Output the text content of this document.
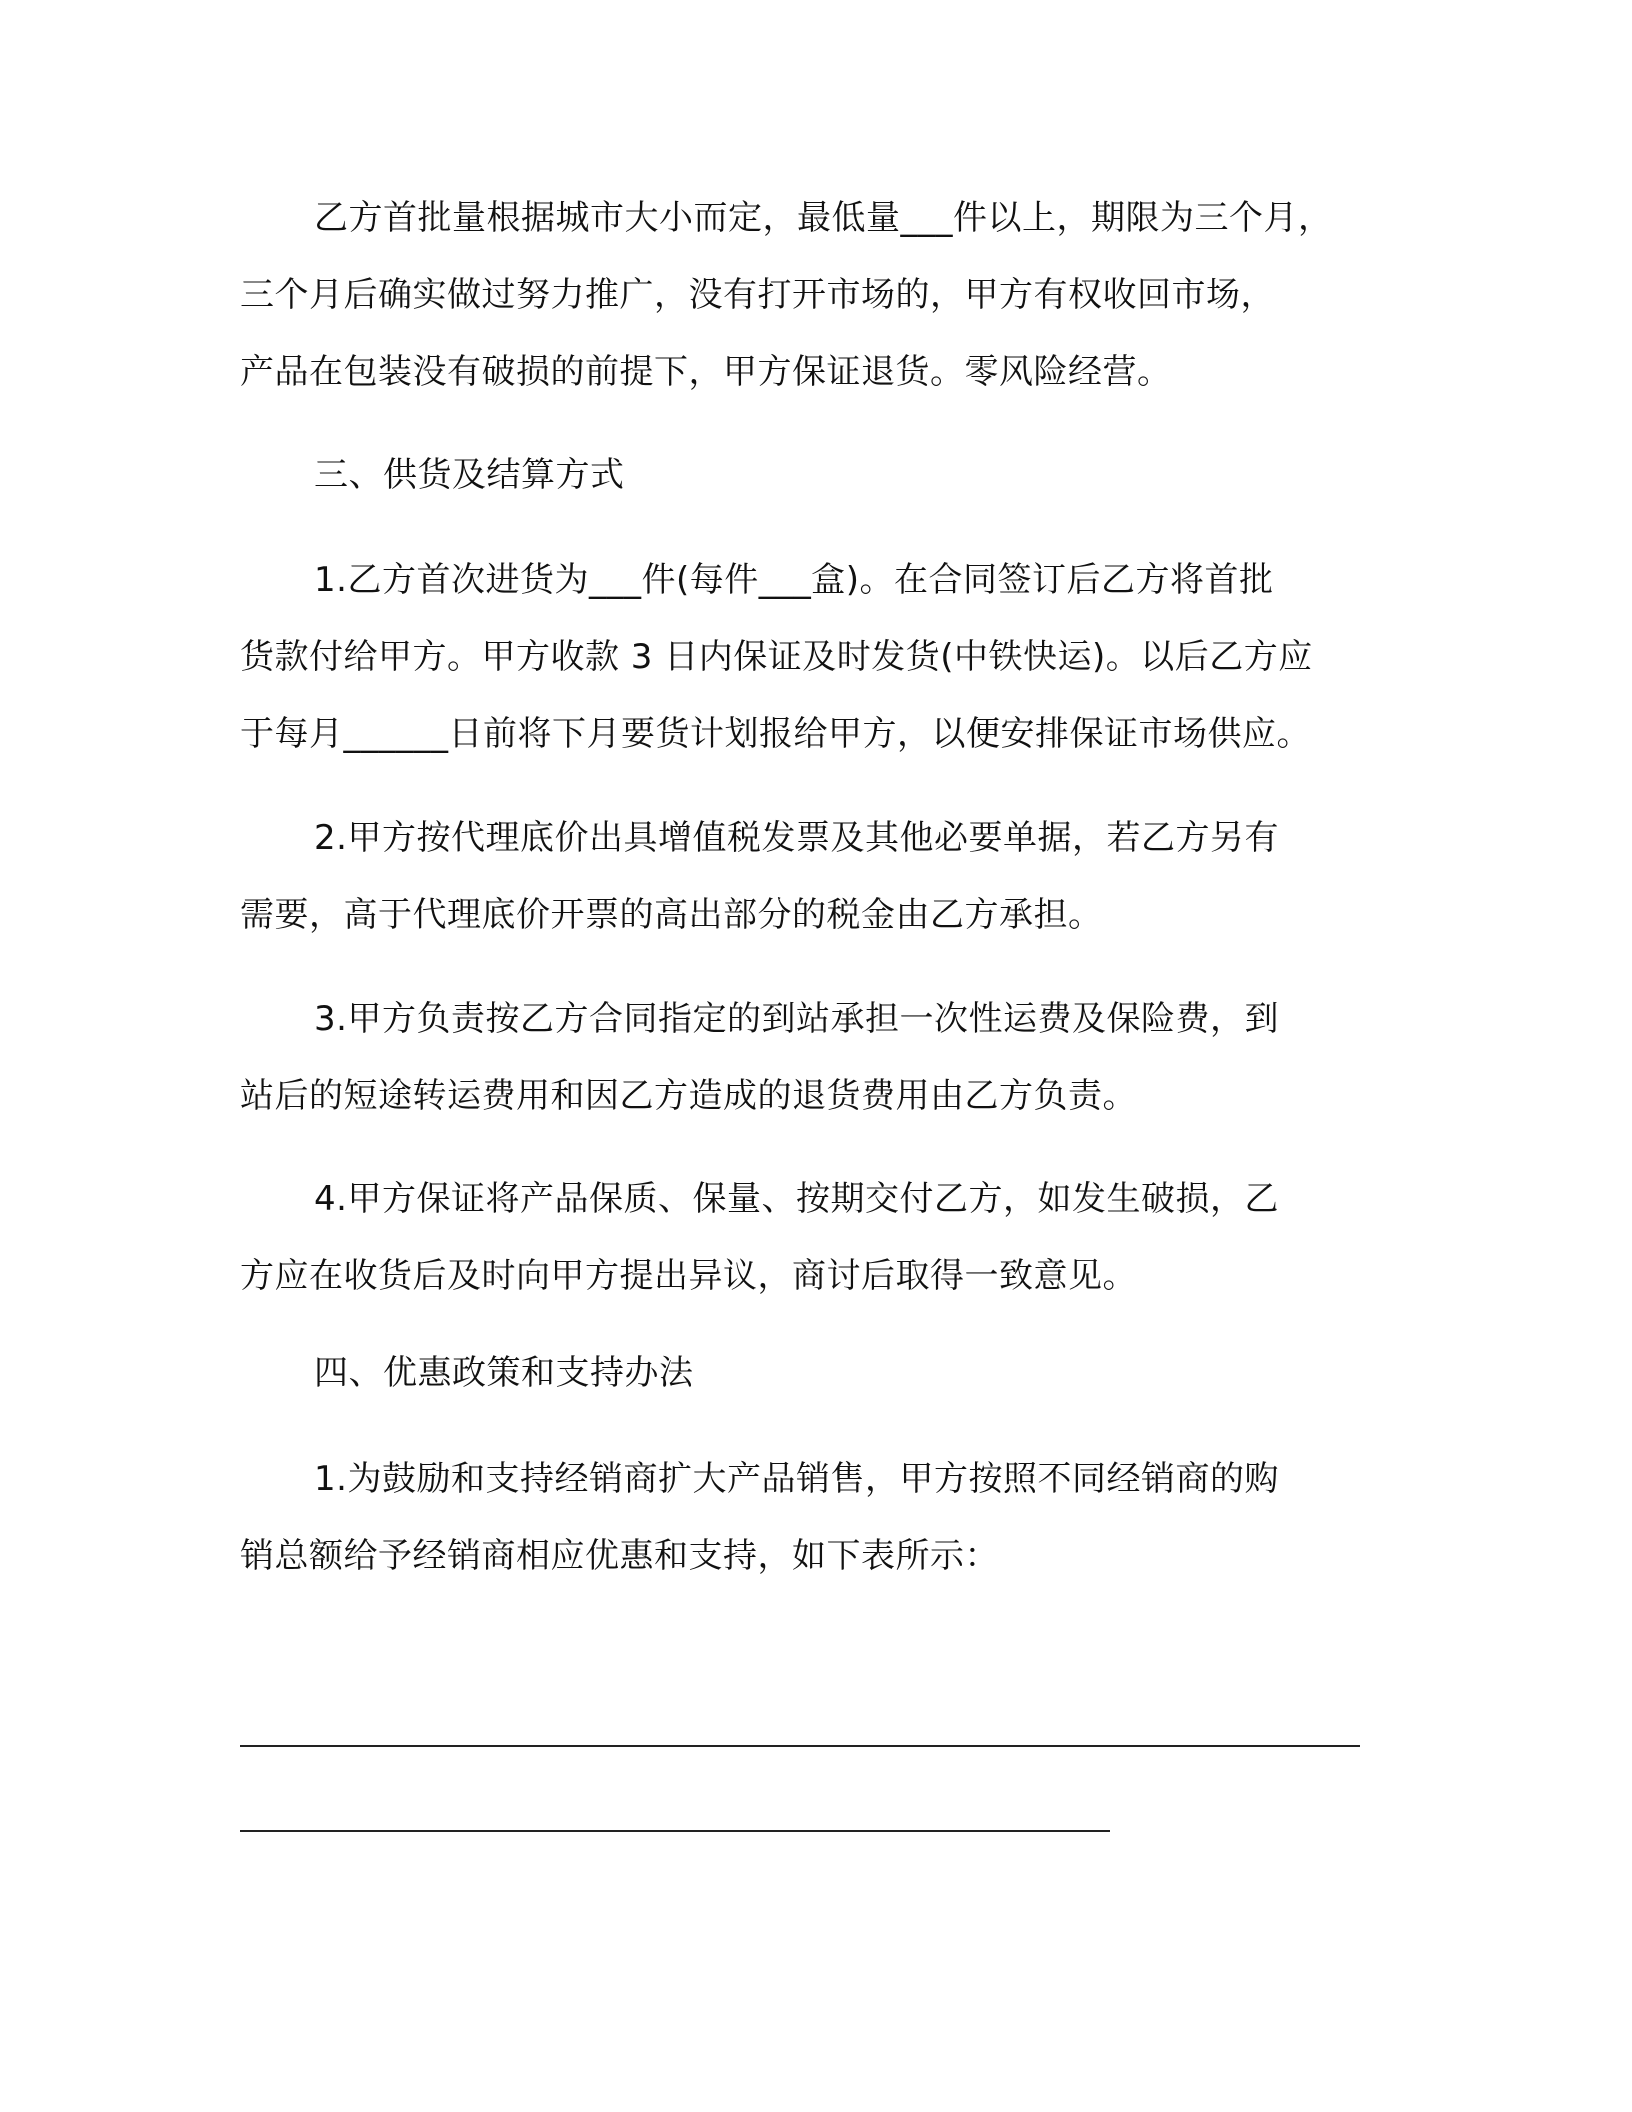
乙方首批量根据城市大小而定，最低量___件以上，期限为三个月，
三个月后确实做过努力推广，没有打开市场的，甲方有权收回市场，
产品在包装没有破损的前提下，甲方保证退货。零风险经营。
三、供货及结算方式
1.乙方首次进货为___件(每件___盒)。在合同签订后乙方将首批
货款付给甲方。甲方收款 3 日内保证及时发货(中铁快运)。以后乙方应
于每月______日前将下月要货计划报给甲方，以便安排保证市场供应。
2.甲方按代理底价出具增值税发票及其他必要单据，若乙方另有
需要，高于代理底价开票的高出部分的税金由乙方承担。
3.甲方负责按乙方合同指定的到站承担一次性运费及保险费，到
站后的短途转运费用和因乙方造成的退货费用由乙方负责。
4.甲方保证将产品保质、保量、按期交付乙方，如发生破损，乙
方应在收货后及时向甲方提出异议，商讨后取得一致意见。
四、优惠政策和支持办法
1.为鼓励和支持经销商扩大产品销售，甲方按照不同经销商的购
销总额给予经销商相应优惠和支持，如下表所示：
